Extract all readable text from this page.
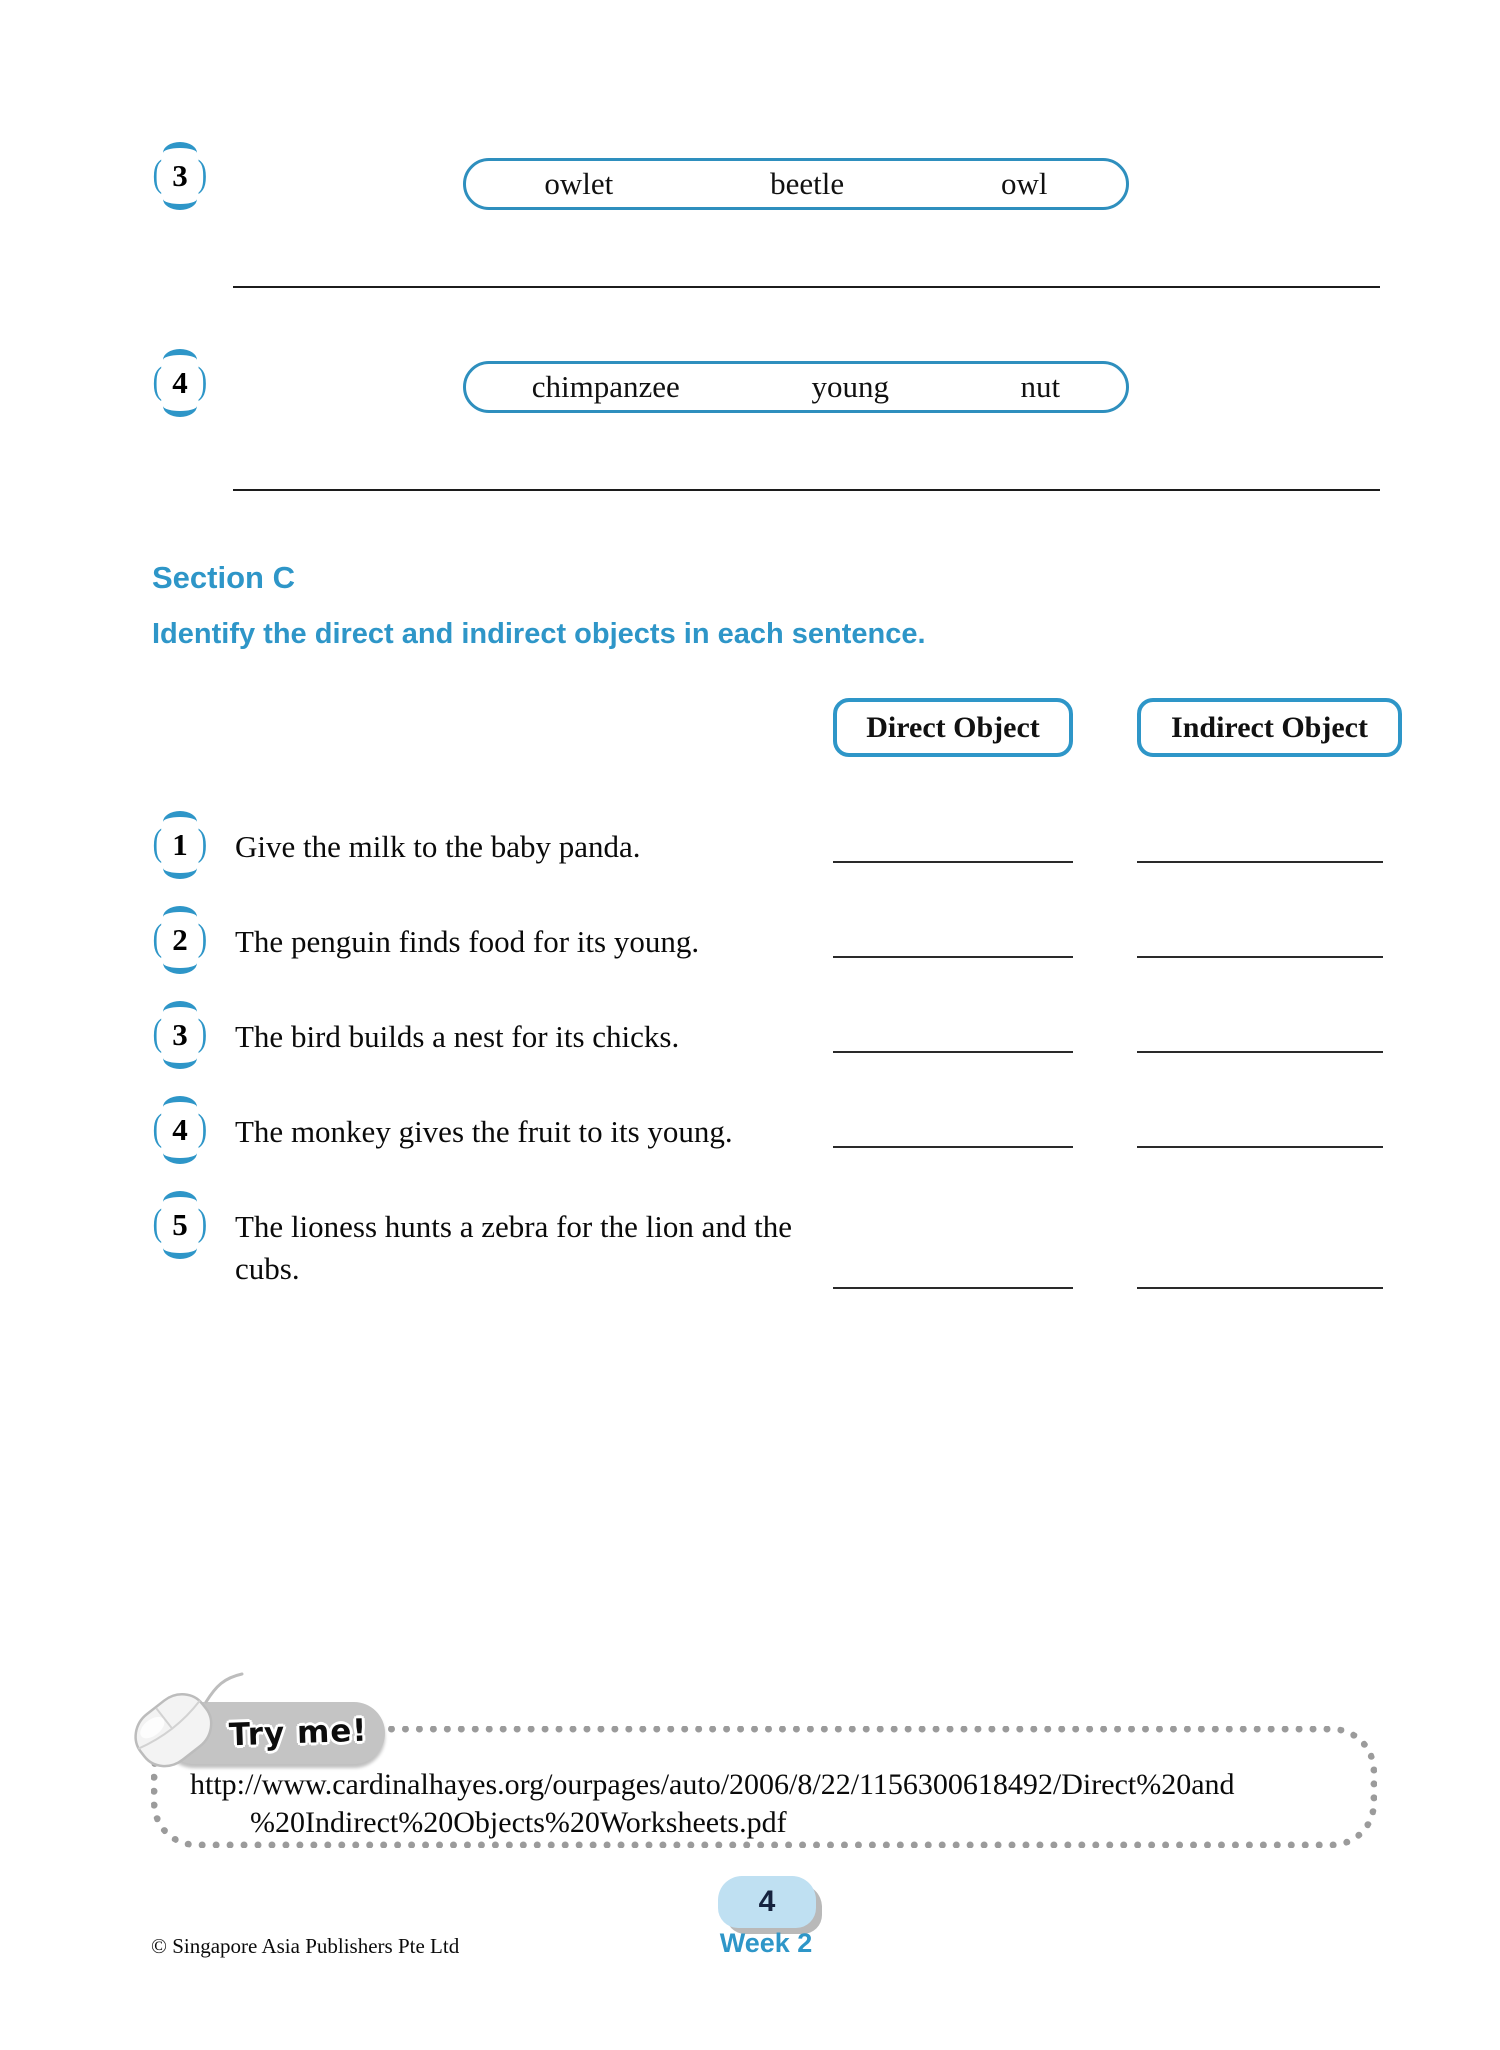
( 3 )	owlet	beetle	owl
( 4 )	chimpanzee	young	nut
Section C
Identify the direct and indirect objects in each sentence.
Direct Object	Indirect Object
( 1 ) Give the milk to the baby panda.
( 2 ) The penguin finds food for its young.
( 3 ) The bird builds a nest for its chicks.
( 4 ) The monkey gives the fruit to its young.
( 5 ) The lioness hunts a zebra for the lion and the cubs.
Try me!
http://www.cardinalhayes.org/ourpages/auto/2006/8/22/1156300618492/Direct%20and
%20Indirect%20Objects%20Worksheets.pdf
4
Week 2
© Singapore Asia Publishers Pte Ltd
